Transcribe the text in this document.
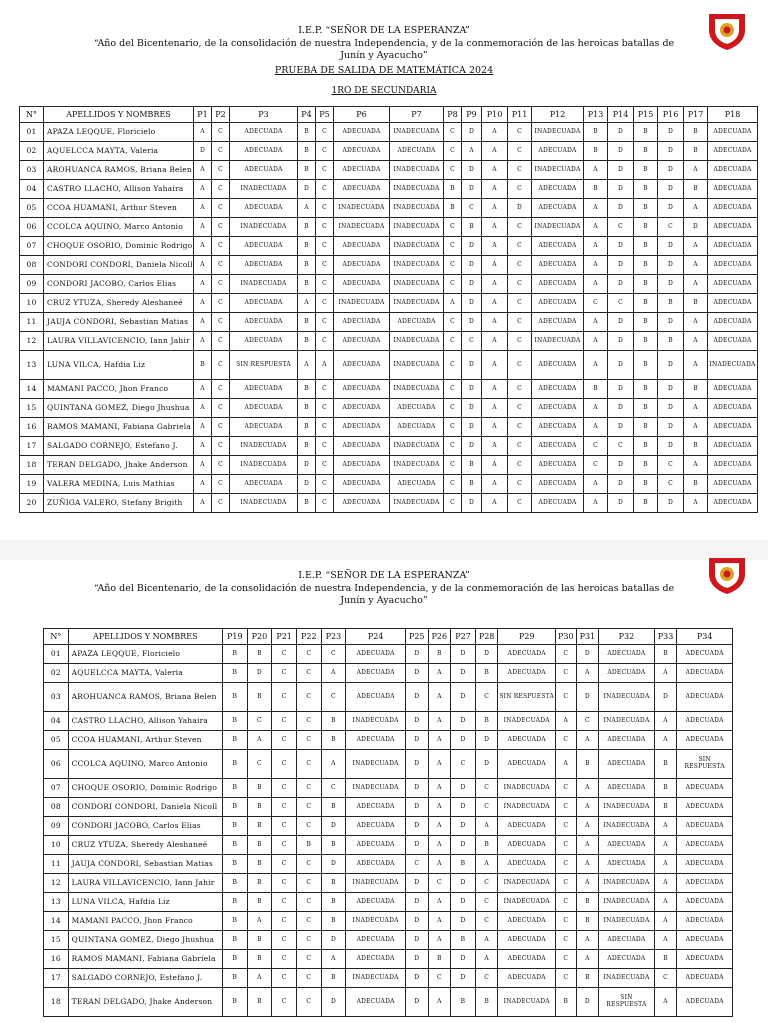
I.E.P. “SEÑOR DE LA ESPERANZA”
“Año del Bicentenario, de la consolidación de nuestra Independencia, y de la conmemoración de las heroicas batallas de Junín y Ayacucho”
PRUEBA DE SALIDA DE MATEMÁTICA 2024
1RO DE SECUNDARIA
N°	APELLIDOS Y NOMBRES	P1	P2	P3	P4	P5	P6	P7	P8	P9	P10	P11	P12	P13	P14	P15	P16	P17	P18
01	APAZA LEQQUE, Floricielo	A	C	ADECUADA	B	C	ADECUADA	INADECUADA	C	D	A	C	INADECUADA	B	D	B	D	B	ADECUADA
02	AQUELCCA MAYTA, Valeria	D	C	ADECUADA	B	C	ADECUADA	ADECUADA	C	A	A	C	ADECUADA	B	D	B	D	B	ADECUADA
03	AROHUANCA RAMOS, Briana Belen	A	C	ADECUADA	B	C	ADECUADA	INADECUADA	C	D	A	C	INADECUADA	A	D	B	D	A	ADECUADA
04	CASTRO LLACHO, Allison Yahaira	A	C	INADECUADA	D	C	ADECUADA	INADECUADA	B	D	A	C	ADECUADA	B	D	B	D	B	ADECUADA
05	CCOA HUAMANI, Arthur Steven	A	C	ADECUADA	A	C	INADECUADA	INADECUADA	B	C	A	D	ADECUADA	A	D	B	D	A	ADECUADA
06	CCOLCA AQUINO, Marco Antonio	A	C	INADECUADA	B	C	INADECUADA	INADECUADA	C	B	A	C	INADECUADA	A	C	B	C	D	ADECUADA
07	CHOQUE OSORIO, Dominic Rodrigo	A	C	ADECUADA	B	C	ADECUADA	INADECUADA	C	D	A	C	ADECUADA	A	D	B	D	A	ADECUADA
08	CONDORI CONDORI, Daniela Nicoll	A	C	ADECUADA	B	C	ADECUADA	INADECUADA	C	D	A	C	ADECUADA	A	D	B	D	A	ADECUADA
09	CONDORI JACOBO, Carlos Elias	A	C	INADECUADA	B	C	ADECUADA	INADECUADA	C	D	A	C	ADECUADA	A	D	B	D	A	ADECUADA
10	CRUZ YTUZA, Sheredy Aleshaneé	A	C	ADECUADA	A	C	INADECUADA	INADECUADA	A	D	A	C	ADECUADA	C	C	B	B	B	ADECUADA
11	JAUJA CONDORI, Sebastian Matias	A	C	ADECUADA	B	C	ADECUADA	ADECUADA	C	D	A	C	ADECUADA	A	D	B	D	A	ADECUADA
12	LAURA VILLAVICENCIO, Iann Jahir	A	C	ADECUADA	B	C	ADECUADA	INADECUADA	C	C	A	C	INADECUADA	A	D	B	B	A	ADECUADA
13	LUNA VILCA, Hafdia Liz	B	C	SIN RESPUESTA	A	A	ADECUADA	INADECUADA	C	D	A	C	ADECUADA	A	D	B	D	A	INADECUADA
14	MAMANI PACCO, Jhon Franco	A	C	ADECUADA	B	C	ADECUADA	INADECUADA	C	D	A	C	ADECUADA	B	D	B	D	B	ADECUADA
15	QUINTANA GOMEZ, Diego Jhushua	A	C	ADECUADA	B	C	ADECUADA	ADECUADA	C	D	A	C	ADECUADA	A	D	B	D	A	ADECUADA
16	RAMOS MAMANI, Fabiana Gabriela	A	C	ADECUADA	B	C	ADECUADA	ADECUADA	C	D	A	C	ADECUADA	A	D	B	D	A	ADECUADA
17	SALGADO CORNEJO, Estefano J.	A	C	INADECUADA	B	C	ADECUADA	INADECUADA	C	D	A	C	ADECUADA	C	C	B	D	B	ADECUADA
18	TERAN DELGADO, Jhake Anderson	A	C	INADECUADA	D	C	ADECUADA	INADECUADA	C	B	A	C	ADECUADA	C	D	B	C	A	ADECUADA
19	VALERA MEDINA, Luis Mathias	A	C	ADECUADA	D	C	ADECUADA	ADECUADA	C	B	A	C	ADECUADA	A	D	B	C	B	ADECUADA
20	ZUÑIGA VALERO, Stefany Brigith	A	C	INADECUADA	B	C	ADECUADA	INADECUADA	C	D	A	C	ADECUADA	A	D	B	D	A	ADECUADA
I.E.P. “SEÑOR DE LA ESPERANZA”
“Año del Bicentenario, de la consolidación de nuestra Independencia, y de la conmemoración de las heroicas batallas de Junín y Ayacucho”
N°	APELLIDOS Y NOMBRES	P19	P20	P21	P22	P23	P24	P25	P26	P27	P28	P29	P30	P31	P32	P33	P34
01	APAZA LEQQUE, Floricielo	B	B	C	C	C	ADECUADA	D	B	D	D	ADECUADA	C	D	ADECUADA	B	ADECUADA
02	AQUELCCA MAYTA, Valeria	B	D	C	C	A	ADECUADA	D	A	D	B	ADECUADA	C	A	ADECUADA	A	ADECUADA
03	AROHUANCA RAMOS, Briana Belen	B	B	C	C	C	ADECUADA	D	A	D	C	SIN RESPUESTA	C	D	INADECUADA	D	ADECUADA
04	CASTRO LLACHO, Allison Yahaira	B	C	C	C	B	INADECUADA	D	A	D	B	INADECUADA	A	C	INADECUADA	A	ADECUADA
05	CCOA HUAMANI, Arthur Steven	B	A	C	C	B	ADECUADA	D	A	D	D	ADECUADA	C	A	ADECUADA	A	ADECUADA
06	CCOLCA AQUINO, Marco Antonio	B	C	C	C	A	INADECUADA	D	A	C	D	ADECUADA	A	B	ADECUADA	B	SIN RESPUESTA
07	CHOQUE OSORIO, Dominic Rodrigo	B	B	C	C	C	INADECUADA	D	A	D	C	INADECUADA	C	A	ADECUADA	B	ADECUADA
08	CONDORI CONDORI, Daniela Nicoll	B	B	C	C	B	ADECUADA	D	A	D	C	INADECUADA	C	A	INADECUADA	B	ADECUADA
09	CONDORI JACOBO, Carlos Elias	B	B	C	C	D	ADECUADA	D	A	D	A	ADECUADA	C	A	INADECUADA	A	ADECUADA
10	CRUZ YTUZA, Sheredy Aleshaneé	B	B	C	B	B	ADECUADA	D	A	D	B	ADECUADA	C	A	ADECUADA	A	ADECUADA
11	JAUJA CONDORI, Sebastian Matias	B	B	C	C	D	ADECUADA	C	A	B	A	ADECUADA	C	A	ADECUADA	A	ADECUADA
12	LAURA VILLAVICENCIO, Iann Jahir	B	B	C	C	B	INADECUADA	D	C	D	C	INADECUADA	C	A	INADECUADA	A	ADECUADA
13	LUNA VILCA, Hafdia Liz	B	B	C	C	B	ADECUADA	D	A	D	C	INADECUADA	C	B	INADECUADA	A	ADECUADA
14	MAMANI PACCO, Jhon Franco	B	A	C	C	B	INADECUADA	D	A	D	C	ADECUADA	C	B	INADECUADA	A	ADECUADA
15	QUINTANA GOMEZ, Diego Jhushua	B	B	C	C	D	ADECUADA	D	A	B	A	ADECUADA	C	A	ADECUADA	A	ADECUADA
16	RAMOS MAMANI, Fabiana Gabriela	B	B	C	C	A	ADECUADA	D	B	D	A	ADECUADA	C	A	ADECUADA	B	ADECUADA
17	SALGADO CORNEJO, Estefano J.	B	A	C	C	B	INADECUADA	D	C	D	C	ADECUADA	C	B	INADECUADA	C	ADECUADA
18	TERAN DELGADO, Jhake Anderson	B	B	C	C	D	ADECUADA	D	A	B	B	INADECUADA	B	D	SIN RESPUESTA	A	ADECUADA
